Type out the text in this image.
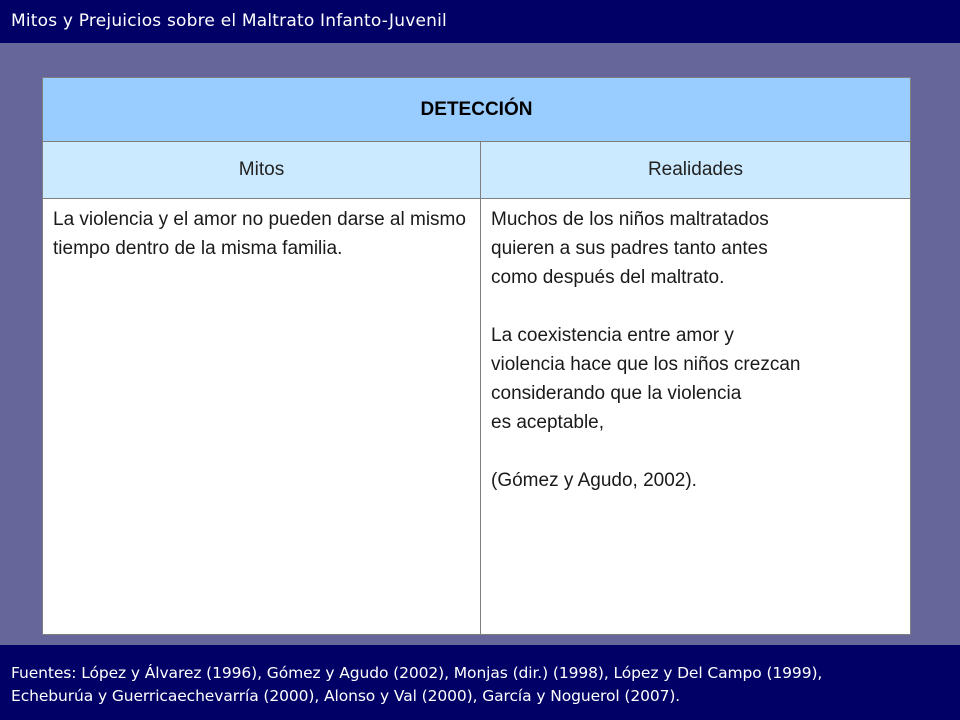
Mitos y Prejuicios sobre el Maltrato Infanto-Juvenil
DETECCIÓN
Mitos	Realidades

La violencia y el amor no pueden darse al mismo tiempo dentro de la misma familia.

Muchos de los niños maltratados

quieren a sus padres tanto antes

como después del maltrato.

La coexistencia entre amor y

violencia hace que los niños crezcan

considerando que la violencia

es aceptable,

(Gómez y Agudo, 2002).

Fuentes: López y Álvarez (1996), Gómez y Agudo (2002), Monjas (dir.) (1998), López y Del Campo (1999),
Echeburúa y Guerricaechevarría (2000), Alonso y Val (2000), García y Noguerol (2007).
